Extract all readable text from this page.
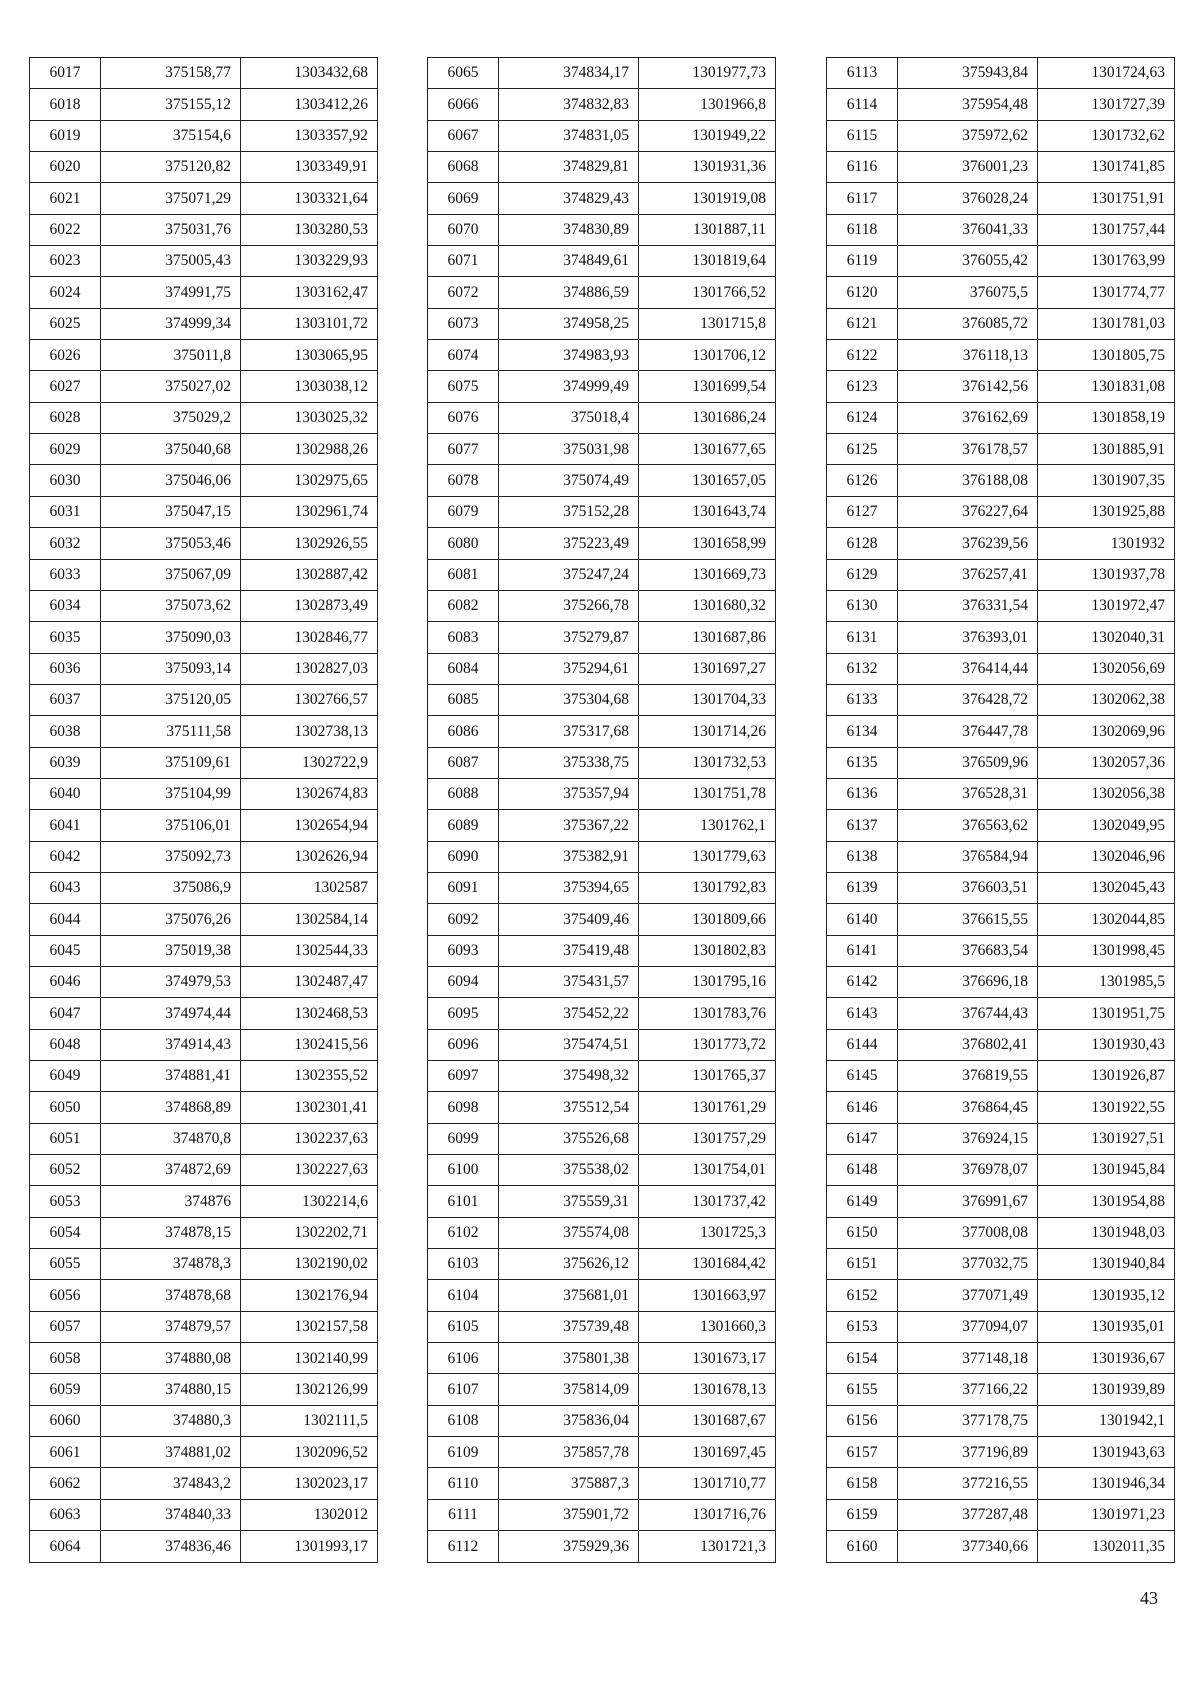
6017	375158,77	1303432,68
6018	375155,12	1303412,26
6019	375154,6	1303357,92
6020	375120,82	1303349,91
6021	375071,29	1303321,64
6022	375031,76	1303280,53
6023	375005,43	1303229,93
6024	374991,75	1303162,47
6025	374999,34	1303101,72
6026	375011,8	1303065,95
6027	375027,02	1303038,12
6028	375029,2	1303025,32
6029	375040,68	1302988,26
6030	375046,06	1302975,65
6031	375047,15	1302961,74
6032	375053,46	1302926,55
6033	375067,09	1302887,42
6034	375073,62	1302873,49
6035	375090,03	1302846,77
6036	375093,14	1302827,03
6037	375120,05	1302766,57
6038	375111,58	1302738,13
6039	375109,61	1302722,9
6040	375104,99	1302674,83
6041	375106,01	1302654,94
6042	375092,73	1302626,94
6043	375086,9	1302587
6044	375076,26	1302584,14
6045	375019,38	1302544,33
6046	374979,53	1302487,47
6047	374974,44	1302468,53
6048	374914,43	1302415,56
6049	374881,41	1302355,52
6050	374868,89	1302301,41
6051	374870,8	1302237,63
6052	374872,69	1302227,63
6053	374876	1302214,6
6054	374878,15	1302202,71
6055	374878,3	1302190,02
6056	374878,68	1302176,94
6057	374879,57	1302157,58
6058	374880,08	1302140,99
6059	374880,15	1302126,99
6060	374880,3	1302111,5
6061	374881,02	1302096,52
6062	374843,2	1302023,17
6063	374840,33	1302012
6064	374836,46	1301993,17
6065	374834,17	1301977,73
6066	374832,83	1301966,8
6067	374831,05	1301949,22
6068	374829,81	1301931,36
6069	374829,43	1301919,08
6070	374830,89	1301887,11
6071	374849,61	1301819,64
6072	374886,59	1301766,52
6073	374958,25	1301715,8
6074	374983,93	1301706,12
6075	374999,49	1301699,54
6076	375018,4	1301686,24
6077	375031,98	1301677,65
6078	375074,49	1301657,05
6079	375152,28	1301643,74
6080	375223,49	1301658,99
6081	375247,24	1301669,73
6082	375266,78	1301680,32
6083	375279,87	1301687,86
6084	375294,61	1301697,27
6085	375304,68	1301704,33
6086	375317,68	1301714,26
6087	375338,75	1301732,53
6088	375357,94	1301751,78
6089	375367,22	1301762,1
6090	375382,91	1301779,63
6091	375394,65	1301792,83
6092	375409,46	1301809,66
6093	375419,48	1301802,83
6094	375431,57	1301795,16
6095	375452,22	1301783,76
6096	375474,51	1301773,72
6097	375498,32	1301765,37
6098	375512,54	1301761,29
6099	375526,68	1301757,29
6100	375538,02	1301754,01
6101	375559,31	1301737,42
6102	375574,08	1301725,3
6103	375626,12	1301684,42
6104	375681,01	1301663,97
6105	375739,48	1301660,3
6106	375801,38	1301673,17
6107	375814,09	1301678,13
6108	375836,04	1301687,67
6109	375857,78	1301697,45
6110	375887,3	1301710,77
6111	375901,72	1301716,76
6112	375929,36	1301721,3
6113	375943,84	1301724,63
6114	375954,48	1301727,39
6115	375972,62	1301732,62
6116	376001,23	1301741,85
6117	376028,24	1301751,91
6118	376041,33	1301757,44
6119	376055,42	1301763,99
6120	376075,5	1301774,77
6121	376085,72	1301781,03
6122	376118,13	1301805,75
6123	376142,56	1301831,08
6124	376162,69	1301858,19
6125	376178,57	1301885,91
6126	376188,08	1301907,35
6127	376227,64	1301925,88
6128	376239,56	1301932
6129	376257,41	1301937,78
6130	376331,54	1301972,47
6131	376393,01	1302040,31
6132	376414,44	1302056,69
6133	376428,72	1302062,38
6134	376447,78	1302069,96
6135	376509,96	1302057,36
6136	376528,31	1302056,38
6137	376563,62	1302049,95
6138	376584,94	1302046,96
6139	376603,51	1302045,43
6140	376615,55	1302044,85
6141	376683,54	1301998,45
6142	376696,18	1301985,5
6143	376744,43	1301951,75
6144	376802,41	1301930,43
6145	376819,55	1301926,87
6146	376864,45	1301922,55
6147	376924,15	1301927,51
6148	376978,07	1301945,84
6149	376991,67	1301954,88
6150	377008,08	1301948,03
6151	377032,75	1301940,84
6152	377071,49	1301935,12
6153	377094,07	1301935,01
6154	377148,18	1301936,67
6155	377166,22	1301939,89
6156	377178,75	1301942,1
6157	377196,89	1301943,63
6158	377216,55	1301946,34
6159	377287,48	1301971,23
6160	377340,66	1302011,35
43
